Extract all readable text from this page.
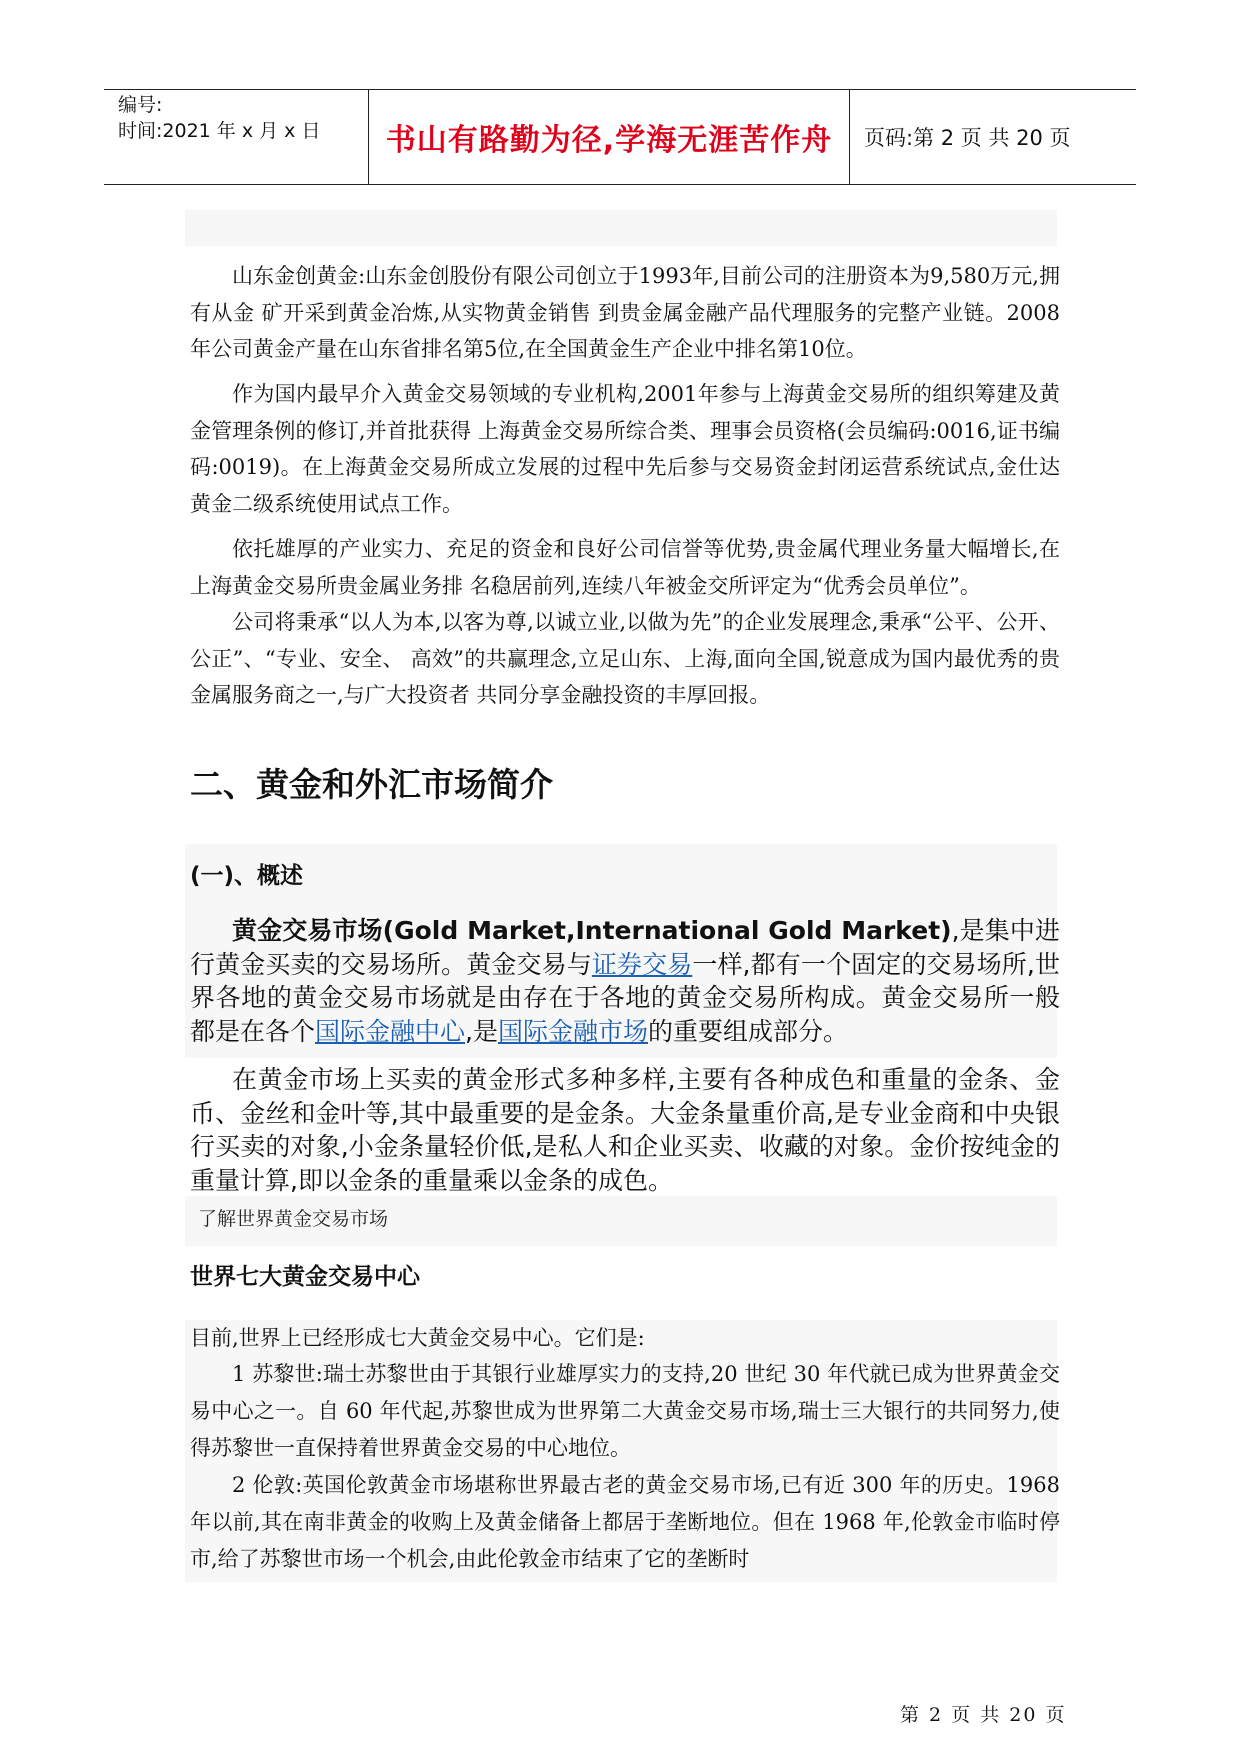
编号:
时间:2021 年 x 月 x 日	书山有路勤为径,学海无涯苦作舟	页码:第 2 页 共 20 页

山东金创黄金:山东金创股份有限公司创立于1993年,目前公司的注册资本为9,580万元,拥有从金 矿开采到黄金冶炼,从实物黄金销售 到贵金属金融产品代理服务的完整产业链。2008年公司黄金产量在山东省排名第5位,在全国黄金生产企业中排名第10位。

作为国内最早介入黄金交易领域的专业机构,2001年参与上海黄金交易所的组织筹建及黄金管理条例的修订,并首批获得 上海黄金交易所综合类、理事会员资格(会员编码:0016,证书编码:0019)。在上海黄金交易所成立发展的过程中先后参与交易资金封闭运营系统试点,金仕达黄金二级系统使用试点工作。

依托雄厚的产业实力、充足的资金和良好公司信誉等优势,贵金属代理业务量大幅增长,在上海黄金交易所贵金属业务排 名稳居前列,连续八年被金交所评定为“优秀会员单位”。

公司将秉承“以人为本,以客为尊,以诚立业,以做为先”的企业发展理念,秉承“公平、公开、公正”、“专业、安全、 高效”的共赢理念,立足山东、上海,面向全国,锐意成为国内最优秀的贵金属服务商之一,与广大投资者 共同分享金融投资的丰厚回报。

二、黄金和外汇市场简介
(一)、概述

黄金交易市场(Gold Market,International Gold Market),是集中进行黄金买卖的交易场所。黄金交易与证券交易一样,都有一个固定的交易场所,世界各地的黄金交易市场就是由存在于各地的黄金交易所构成。黄金交易所一般都是在各个国际金融中心,是国际金融市场的重要组成部分。

在黄金市场上买卖的黄金形式多种多样,主要有各种成色和重量的金条、金币、金丝和金叶等,其中最重要的是金条。大金条量重价高,是专业金商和中央银行买卖的对象,小金条量轻价低,是私人和企业买卖、收藏的对象。金价按纯金的重量计算,即以金条的重量乘以金条的成色。

了解世界黄金交易市场
世界七大黄金交易中心

目前,世界上已经形成七大黄金交易中心。它们是:

1 苏黎世:瑞士苏黎世由于其银行业雄厚实力的支持,20 世纪 30 年代就已成为世界黄金交易中心之一。自 60 年代起,苏黎世成为世界第二大黄金交易市场,瑞士三大银行的共同努力,使得苏黎世一直保持着世界黄金交易的中心地位。

2 伦敦:英国伦敦黄金市场堪称世界最古老的黄金交易市场,已有近 300 年的历史。1968 年以前,其在南非黄金的收购上及黄金储备上都居于垄断地位。但在 1968 年,伦敦金市临时停市,给了苏黎世市场一个机会,由此伦敦金市结束了它的垄断时

第 2 页 共 20 页
